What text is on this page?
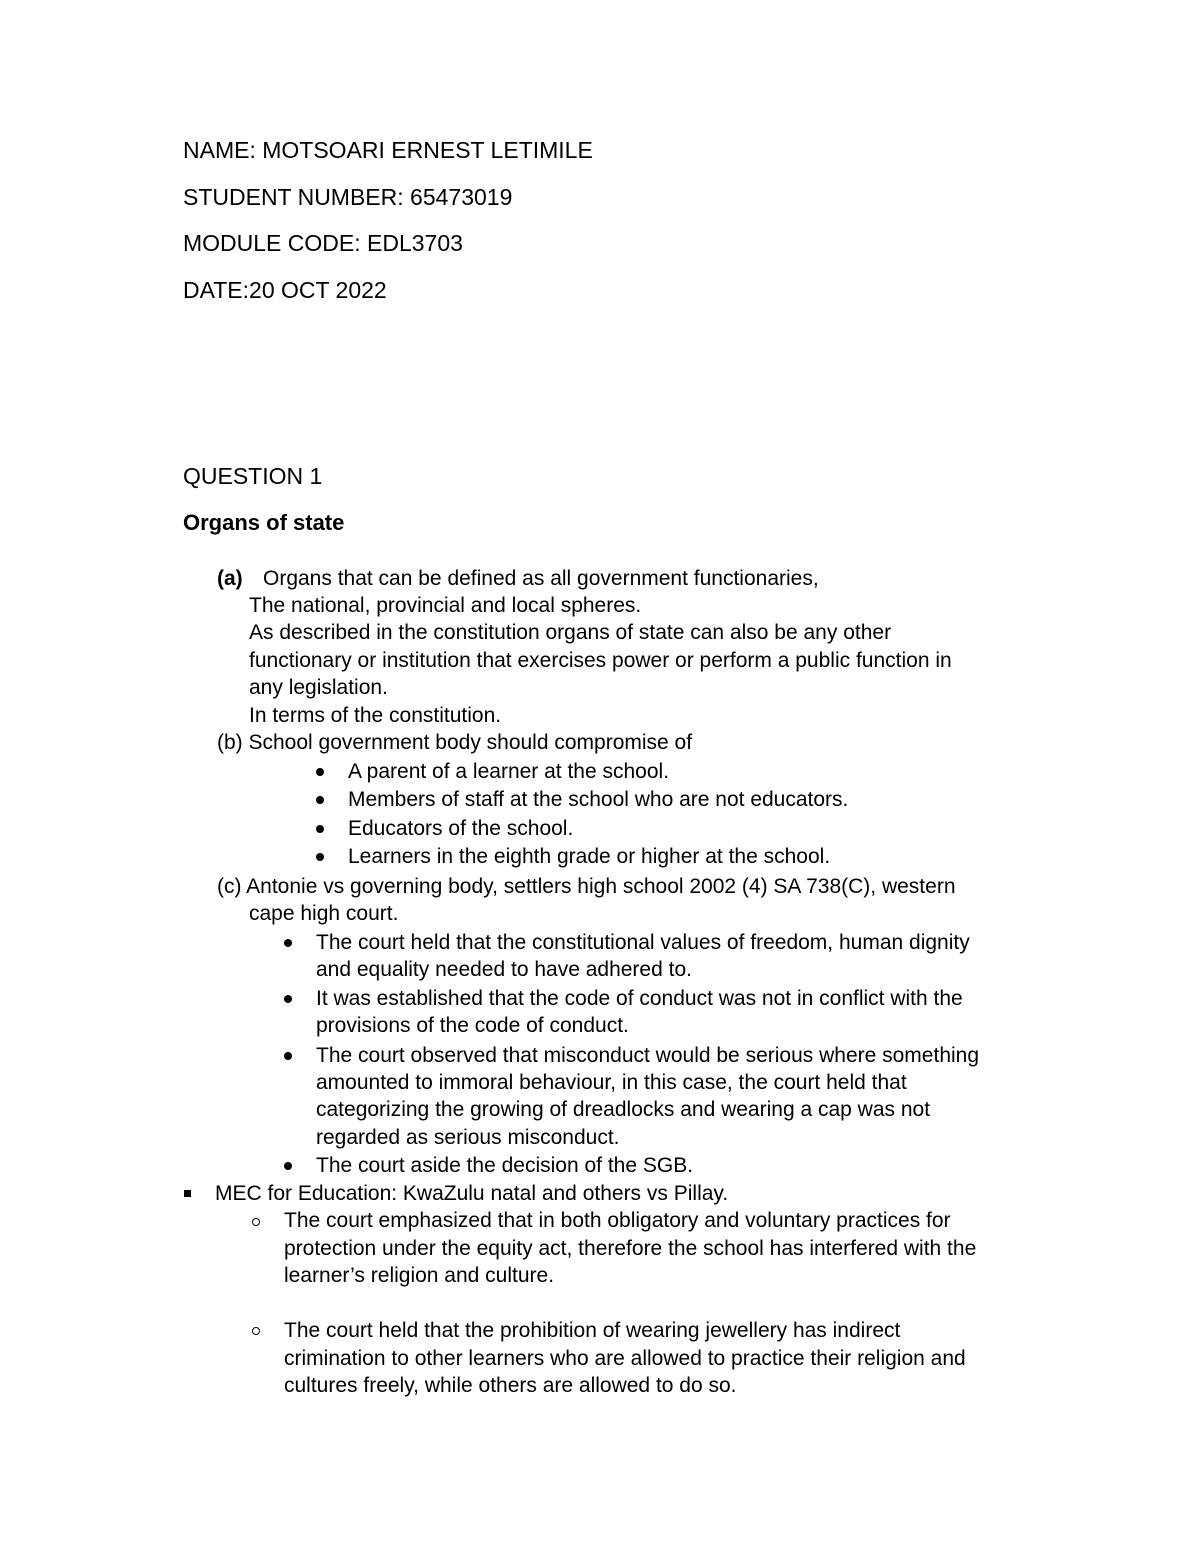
NAME: MOTSOARI ERNEST LETIMILE
STUDENT NUMBER: 65473019
MODULE CODE: EDL3703
DATE:20 OCT 2022
QUESTION 1
Organs of state
(a) Organs that can be defined as all government functionaries,
The national, provincial and local spheres.
As described in the constitution organs of state can also be any other
functionary or institution that exercises power or perform a public function in
any legislation.
In terms of the constitution.
(b) School government body should compromise of
A parent of a learner at the school.
Members of staff at the school who are not educators.
Educators of the school.
Learners in the eighth grade or higher at the school.
(c) Antonie vs governing body, settlers high school 2002 (4) SA 738(C), western
cape high court.
The court held that the constitutional values of freedom, human dignity
and equality needed to have adhered to.
It was established that the code of conduct was not in conflict with the
provisions of the code of conduct.
The court observed that misconduct would be serious where something
amounted to immoral behaviour, in this case, the court held that
categorizing the growing of dreadlocks and wearing a cap was not
regarded as serious misconduct.
The court aside the decision of the SGB.
MEC for Education: KwaZulu natal and others vs Pillay.
The court emphasized that in both obligatory and voluntary practices for
protection under the equity act, therefore the school has interfered with the
learner’s religion and culture.
The court held that the prohibition of wearing jewellery has indirect
crimination to other learners who are allowed to practice their religion and
cultures freely, while others are allowed to do so.
